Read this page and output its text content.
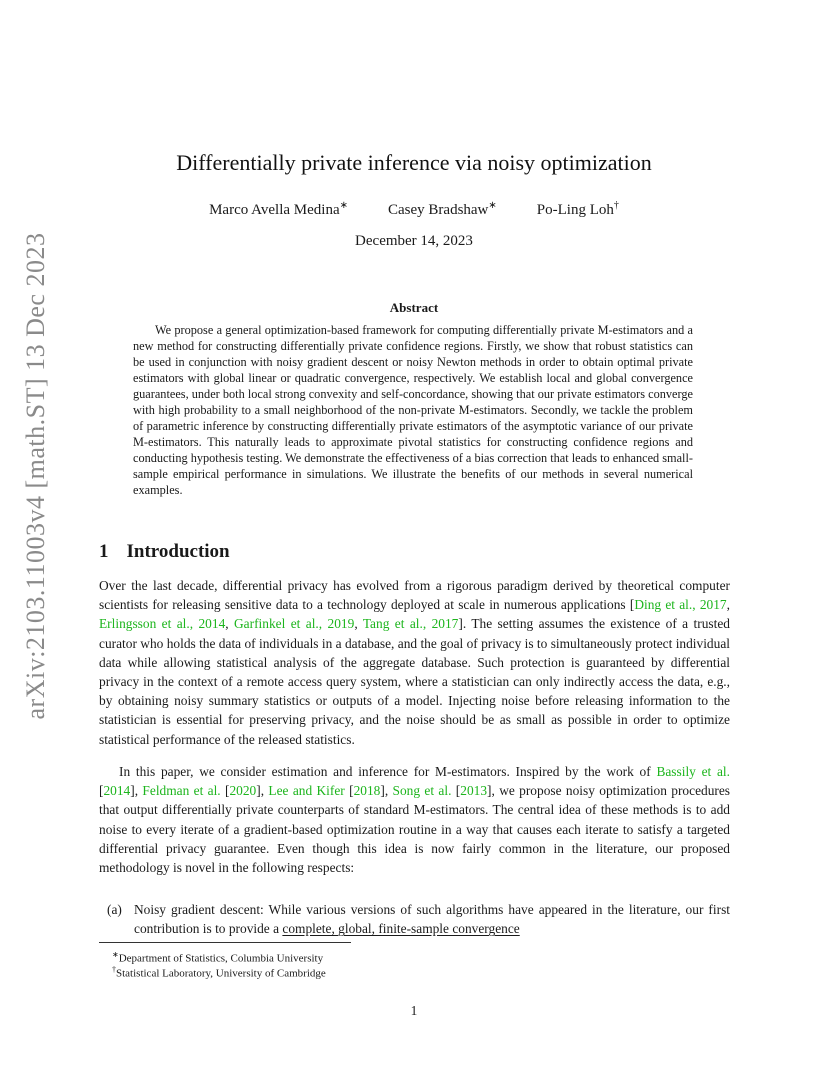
arXiv:2103.11003v4 [math.ST] 13 Dec 2023
Differentially private inference via noisy optimization
Marco Avella Medina∗	Casey Bradshaw∗	Po-Ling Loh†
December 14, 2023
Abstract
We propose a general optimization-based framework for computing differentially private M-estimators and a new method for constructing differentially private confidence regions. Firstly, we show that robust statistics can be used in conjunction with noisy gradient descent or noisy Newton methods in order to obtain optimal private estimators with global linear or quadratic convergence, respectively. We establish local and global convergence guarantees, under both local strong convexity and self-concordance, showing that our private estimators converge with high probability to a small neighborhood of the non-private M-estimators. Secondly, we tackle the problem of parametric inference by constructing differentially private estimators of the asymptotic variance of our private M-estimators. This naturally leads to approximate pivotal statistics for constructing confidence regions and conducting hypothesis testing. We demonstrate the effectiveness of a bias correction that leads to enhanced small-sample empirical performance in simulations. We illustrate the benefits of our methods in several numerical examples.
1 Introduction
Over the last decade, differential privacy has evolved from a rigorous paradigm derived by theoretical computer scientists for releasing sensitive data to a technology deployed at scale in numerous applications [Ding et al., 2017, Erlingsson et al., 2014, Garfinkel et al., 2019, Tang et al., 2017]. The setting assumes the existence of a trusted curator who holds the data of individuals in a database, and the goal of privacy is to simultaneously protect individual data while allowing statistical analysis of the aggregate database. Such protection is guaranteed by differential privacy in the context of a remote access query system, where a statistician can only indirectly access the data, e.g., by obtaining noisy summary statistics or outputs of a model. Injecting noise before releasing information to the statistician is essential for preserving privacy, and the noise should be as small as possible in order to optimize statistical performance of the released statistics.
In this paper, we consider estimation and inference for M-estimators. Inspired by the work of Bassily et al. [2014], Feldman et al. [2020], Lee and Kifer [2018], Song et al. [2013], we propose noisy optimization procedures that output differentially private counterparts of standard M-estimators. The central idea of these methods is to add noise to every iterate of a gradient-based optimization routine in a way that causes each iterate to satisfy a targeted differential privacy guarantee. Even though this idea is now fairly common in the literature, our proposed methodology is novel in the following respects:
(a) Noisy gradient descent: While various versions of such algorithms have appeared in the literature, our first contribution is to provide a complete, global, finite-sample convergence
∗Department of Statistics, Columbia University
†Statistical Laboratory, University of Cambridge
1
